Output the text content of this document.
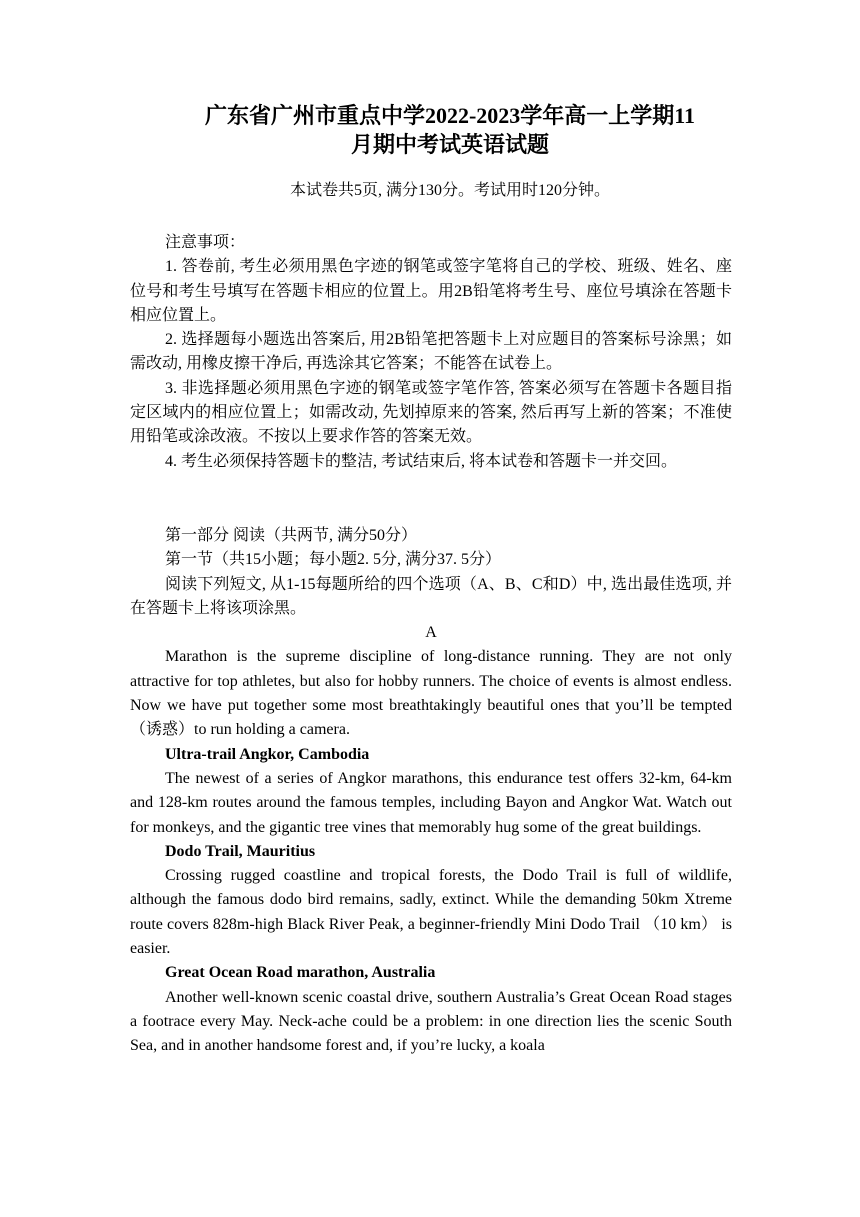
广东省广州市重点中学2022-2023学年高一上学期11
月期中考试英语试题
本试卷共5页, 满分130分。考试用时120分钟。

注意事项：

1. 答卷前, 考生必须用黑色字迹的钢笔或签字笔将自己的学校、班级、姓名、座位号和考生号填写在答题卡相应的位置上。用2B铅笔将考生号、座位号填涂在答题卡相应位置上。

2. 选择题每小题选出答案后, 用2B铅笔把答题卡上对应题目的答案标号涂黑；如需改动, 用橡皮擦干净后, 再选涂其它答案；不能答在试卷上。

3. 非选择题必须用黑色字迹的钢笔或签字笔作答, 答案必须写在答题卡各题目指定区域内的相应位置上；如需改动, 先划掉原来的答案, 然后再写上新的答案；不准使用铅笔或涂改液。不按以上要求作答的答案无效。

4. 考生必须保持答题卡的整洁, 考试结束后, 将本试卷和答题卡一并交回。

第一部分 阅读（共两节, 满分50分）

第一节（共15小题；每小题2. 5分, 满分37. 5分）

阅读下列短文, 从1-15每题所给的四个选项（A、B、C和D）中, 选出最佳选项, 并在答题卡上将该项涂黑。

A

Marathon is the supreme discipline of long-distance running. They are not only attractive for top athletes, but also for hobby runners. The choice of events is almost endless. Now we have put together some most breathtakingly beautiful ones that you’ll be tempted（诱惑）to run holding a camera.

Ultra-trail Angkor, Cambodia

The newest of a series of Angkor marathons, this endurance test offers 32-km, 64-km and 128-km routes around the famous temples, including Bayon and Angkor Wat. Watch out for monkeys, and the gigantic tree vines that memorably hug some of the great buildings.

Dodo Trail, Mauritius

Crossing rugged coastline and tropical forests, the Dodo Trail is full of wildlife, although the famous dodo bird remains, sadly, extinct. While the demanding 50km Xtreme route covers 828m-high Black River Peak, a beginner-friendly Mini Dodo Trail （10 km） is easier.

Great Ocean Road marathon, Australia

Another well-known scenic coastal drive, southern Australia’s Great Ocean Road stages a footrace every May. Neck-ache could be a problem: in one direction lies the scenic South Sea, and in another handsome forest and, if you’re lucky, a koala
